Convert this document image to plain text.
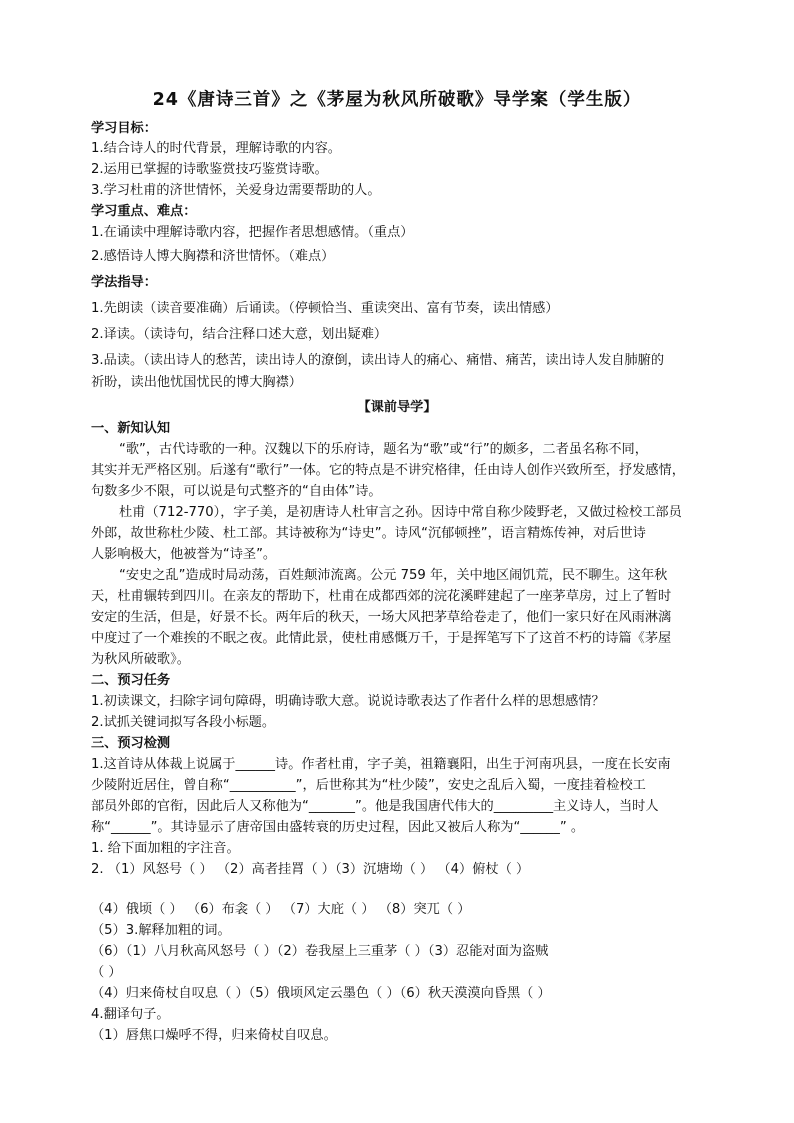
24《唐诗三首》之《茅屋为秋风所破歌》导学案（学生版）
学习目标：
1.结合诗人的时代背景，理解诗歌的内容。
2.运用已掌握的诗歌鉴赏技巧鉴赏诗歌。
3.学习杜甫的济世情怀，关爱身边需要帮助的人。
学习重点、难点：
1.在诵读中理解诗歌内容，把握作者思想感情。（重点）
2.感悟诗人博大胸襟和济世情怀。（难点）
学法指导：
1.先朗读（读音要准确）后诵读。（停顿恰当、重读突出、富有节奏，读出情感）
2.译读。（读诗句，结合注释口述大意，划出疑难）
3.品读。（读出诗人的愁苦，读出诗人的潦倒，读出诗人的痛心、痛惜、痛苦，读出诗人发自肺腑的
祈盼，读出他忧国忧民的博大胸襟）
【课前导学】
一、新知认知
“歌”，古代诗歌的一种。汉魏以下的乐府诗，题名为“歌”或“行”的颇多，二者虽名称不同，
其实并无严格区别。后遂有“歌行”一体。它的特点是不讲究格律，任由诗人创作兴致所至，抒发感情，
句数多少不限，可以说是句式整齐的“自由体”诗。
杜甫（712-770），字子美，是初唐诗人杜审言之孙。因诗中常自称少陵野老，又做过检校工部员
外郎，故世称杜少陵、杜工部。其诗被称为“诗史”。诗风“沉郁顿挫”，语言精炼传神，对后世诗
人影响极大，他被誉为“诗圣”。
“安史之乱”造成时局动荡，百姓颠沛流离。公元 759 年，关中地区闹饥荒，民不聊生。这年秋
天，杜甫辗转到四川。在亲友的帮助下，杜甫在成都西郊的浣花溪畔建起了一座茅草房，过上了暂时
安定的生活，但是，好景不长。两年后的秋天，一场大风把茅草给卷走了，他们一家只好在风雨淋漓
中度过了一个难挨的不眠之夜。此情此景，使杜甫感慨万千，于是挥笔写下了这首不朽的诗篇《茅屋
为秋风所破歌》。
二、预习任务
1.初读课文，扫除字词句障碍，明确诗歌大意。说说诗歌表达了作者什么样的思想感情？
2.试抓关键词拟写各段小标题。
三、预习检测
1.这首诗从体裁上说属于______诗。作者杜甫，字子美，祖籍襄阳，出生于河南巩县，一度在长安南
少陵附近居住，曾自称“__________”，后世称其为“杜少陵”，安史之乱后入蜀，一度挂着检校工
部员外郎的官衔，因此后人又称他为“_______”。他是我国唐代伟大的_________主义诗人，当时人
称“______”。其诗显示了唐帝国由盛转衰的历史过程，因此又被后人称为“______” 。
1. 给下面加粗的字注音。
2. （1）风怒号（ ） （2）高者挂罥（ ）（3）沉塘坳（ ） （4）俯杖（ ）
（4）俄顷（ ） （6）布衾（ ） （7）大庇（ ） （8）突兀（ ）
（5）3.解释加粗的词。
（6）（1）八月秋高风怒号（ ）（2）卷我屋上三重茅（ ）（3）忍能对面为盗贼
（ ）
（4）归来倚杖自叹息（ ）（5）俄顷风定云墨色（ ）（6）秋天漠漠向昏黑（ ）
4.翻译句子。
（1）唇焦口燥呼不得，归来倚杖自叹息。
